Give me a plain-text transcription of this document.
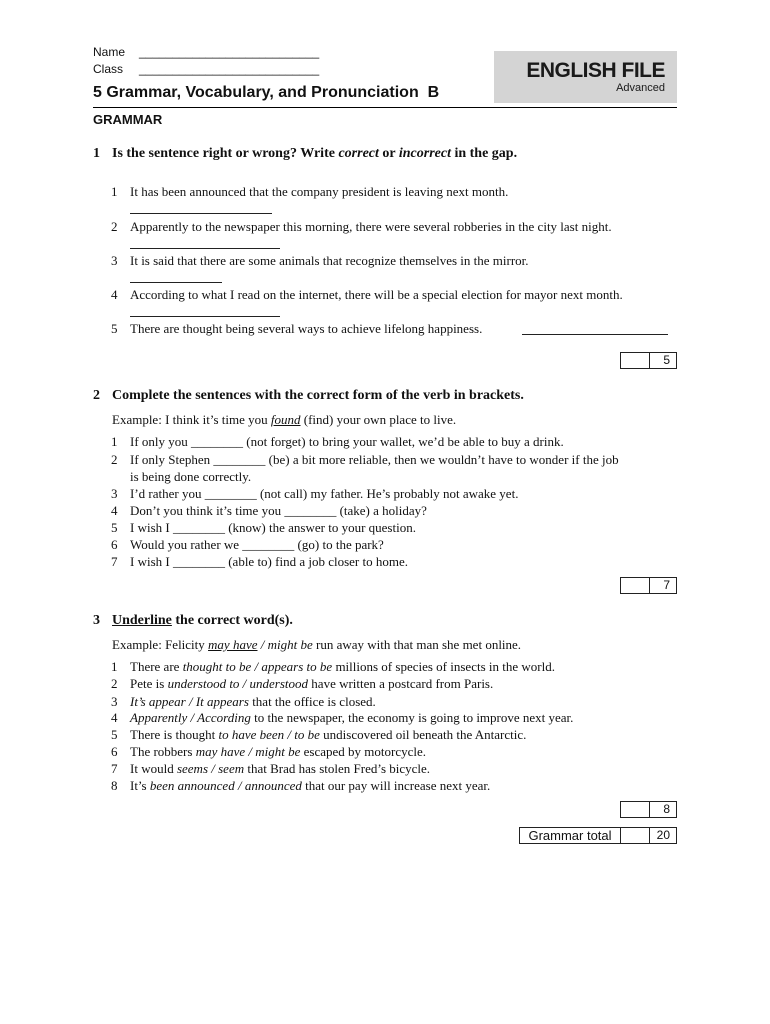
Name ___________________________
Class ___________________________	ENGLISH FILE
Advanced
5 Grammar, Vocabulary, and Pronunciation  B
GRAMMAR
1 Is the sentence right or wrong? Write correct or incorrect in the gap.
1 It has been announced that the company president is leaving next month.
2 Apparently to the newspaper this morning, there were several robberies in the city last night.
3 It is said that there are some animals that recognize themselves in the mirror.
4 According to what I read on the internet, there will be a special election for mayor next month.
5 There are thought being several ways to achieve lifelong happiness.
5
2 Complete the sentences with the correct form of the verb in brackets.
Example: I think it’s time you found (find) your own place to live.
1 If only you ________ (not forget) to bring your wallet, we’d be able to buy a drink.
2 If only Stephen ________ (be) a bit more reliable, then we wouldn’t have to wonder if the job
is being done correctly.
3 I’d rather you ________ (not call) my father. He’s probably not awake yet.
4 Don’t you think it’s time you ________ (take) a holiday?
5 I wish I ________ (know) the answer to your question.
6 Would you rather we ________ (go) to the park?
7 I wish I ________ (able to) find a job closer to home.
7
3 Underline the correct word(s).
Example: Felicity may have / might be run away with that man she met online.
1 There are thought to be / appears to be millions of species of insects in the world.
2 Pete is understood to / understood have written a postcard from Paris.
3 It’s appear / It appears that the office is closed.
4 Apparently / According to the newspaper, the economy is going to improve next year.
5 There is thought to have been / to be undiscovered oil beneath the Antarctic.
6 The robbers may have / might be escaped by motorcycle.
7 It would seems / seem that Brad has stolen Fred’s bicycle.
8 It’s been announced / announced that our pay will increase next year.
8
Grammar total	20
